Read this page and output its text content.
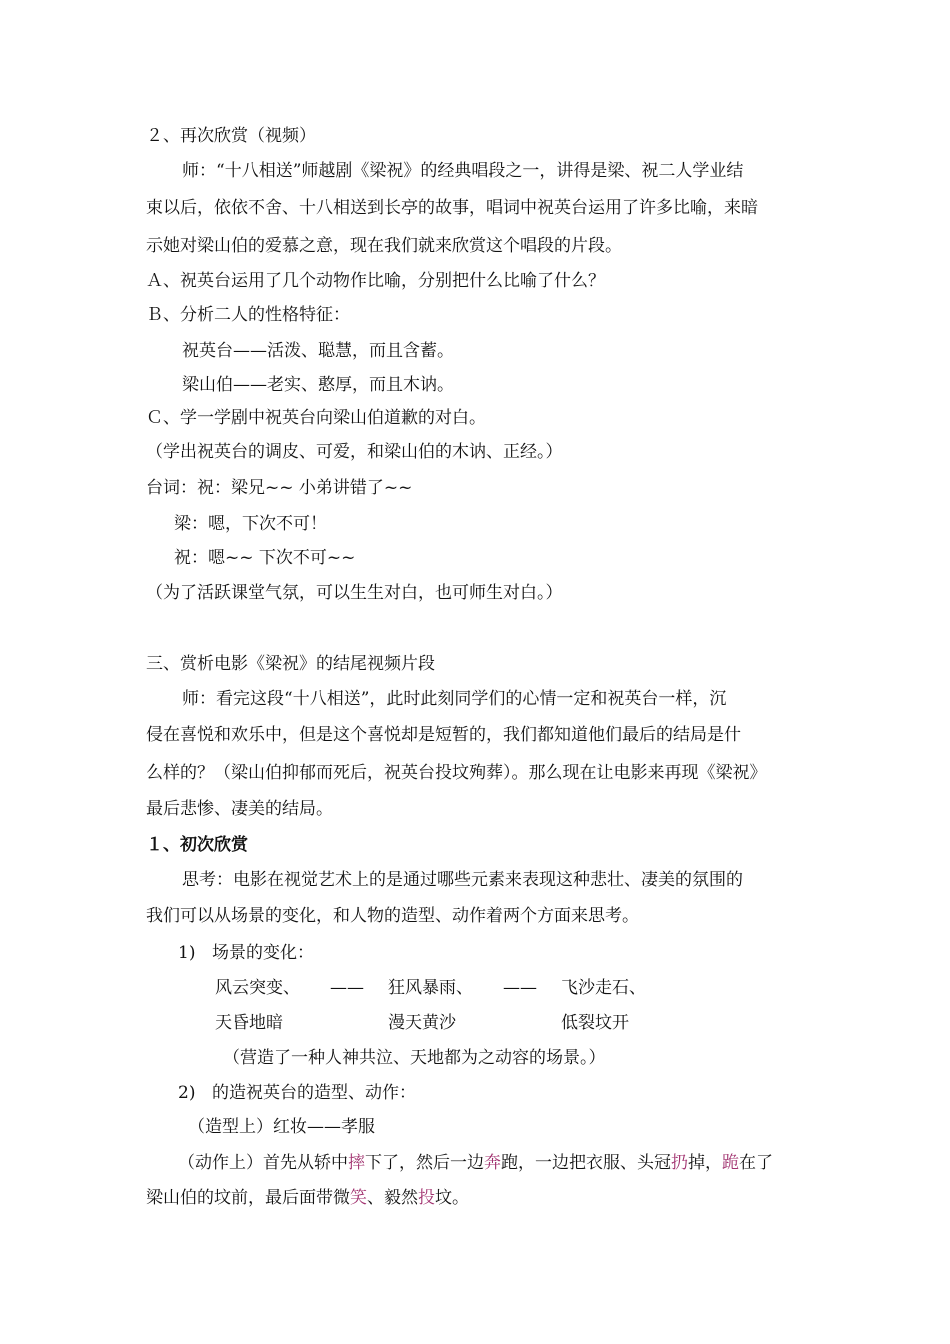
２、再次欣赏（视频）
师：“十八相送”师越剧《梁祝》的经典唱段之一，讲得是梁、祝二人学业结
束以后，依依不舍、十八相送到长亭的故事，唱词中祝英台运用了许多比喻，来暗
示她对梁山伯的爱慕之意，现在我们就来欣赏这个唱段的片段。
Ａ、祝英台运用了几个动物作比喻，分别把什么比喻了什么？
Ｂ、分析二人的性格特征：
祝英台——活泼、聪慧，而且含蓄。
梁山伯——老实、憨厚，而且木讷。
Ｃ、学一学剧中祝英台向梁山伯道歉的对白。
（学出祝英台的调皮、可爱，和梁山伯的木讷、正经。）
台词：祝：梁兄~~ 小弟讲错了~~
梁：嗯，下次不可！
祝：嗯~~ 下次不可~~
（为了活跃课堂气氛，可以生生对白，也可师生对白。）
三、赏析电影《梁祝》的结尾视频片段
师：看完这段“十八相送”，此时此刻同学们的心情一定和祝英台一样，沉
侵在喜悦和欢乐中，但是这个喜悦却是短暂的，我们都知道他们最后的结局是什
么样的？（梁山伯抑郁而死后，祝英台投坟殉葬）。那么现在让电影来再现《梁祝》
最后悲惨、凄美的结局。
１、初次欣赏
思考：电影在视觉艺术上的是通过哪些元素来表现这种悲壮、凄美的氛围的
我们可以从场景的变化，和人物的造型、动作着两个方面来思考。
1) 场景的变化：
风云突变、 —— 狂风暴雨、 —— 飞沙走石、
天昏地暗	漫天黄沙	低裂坟开
（营造了一种人神共泣、天地都为之动容的场景。）
2) 的造祝英台的造型、动作：
（造型上）红妆——孝服
（动作上）首先从轿中摔下了，然后一边奔跑，一边把衣服、头冠扔掉，跪在了
梁山伯的坟前，最后面带微笑、毅然投坟。
